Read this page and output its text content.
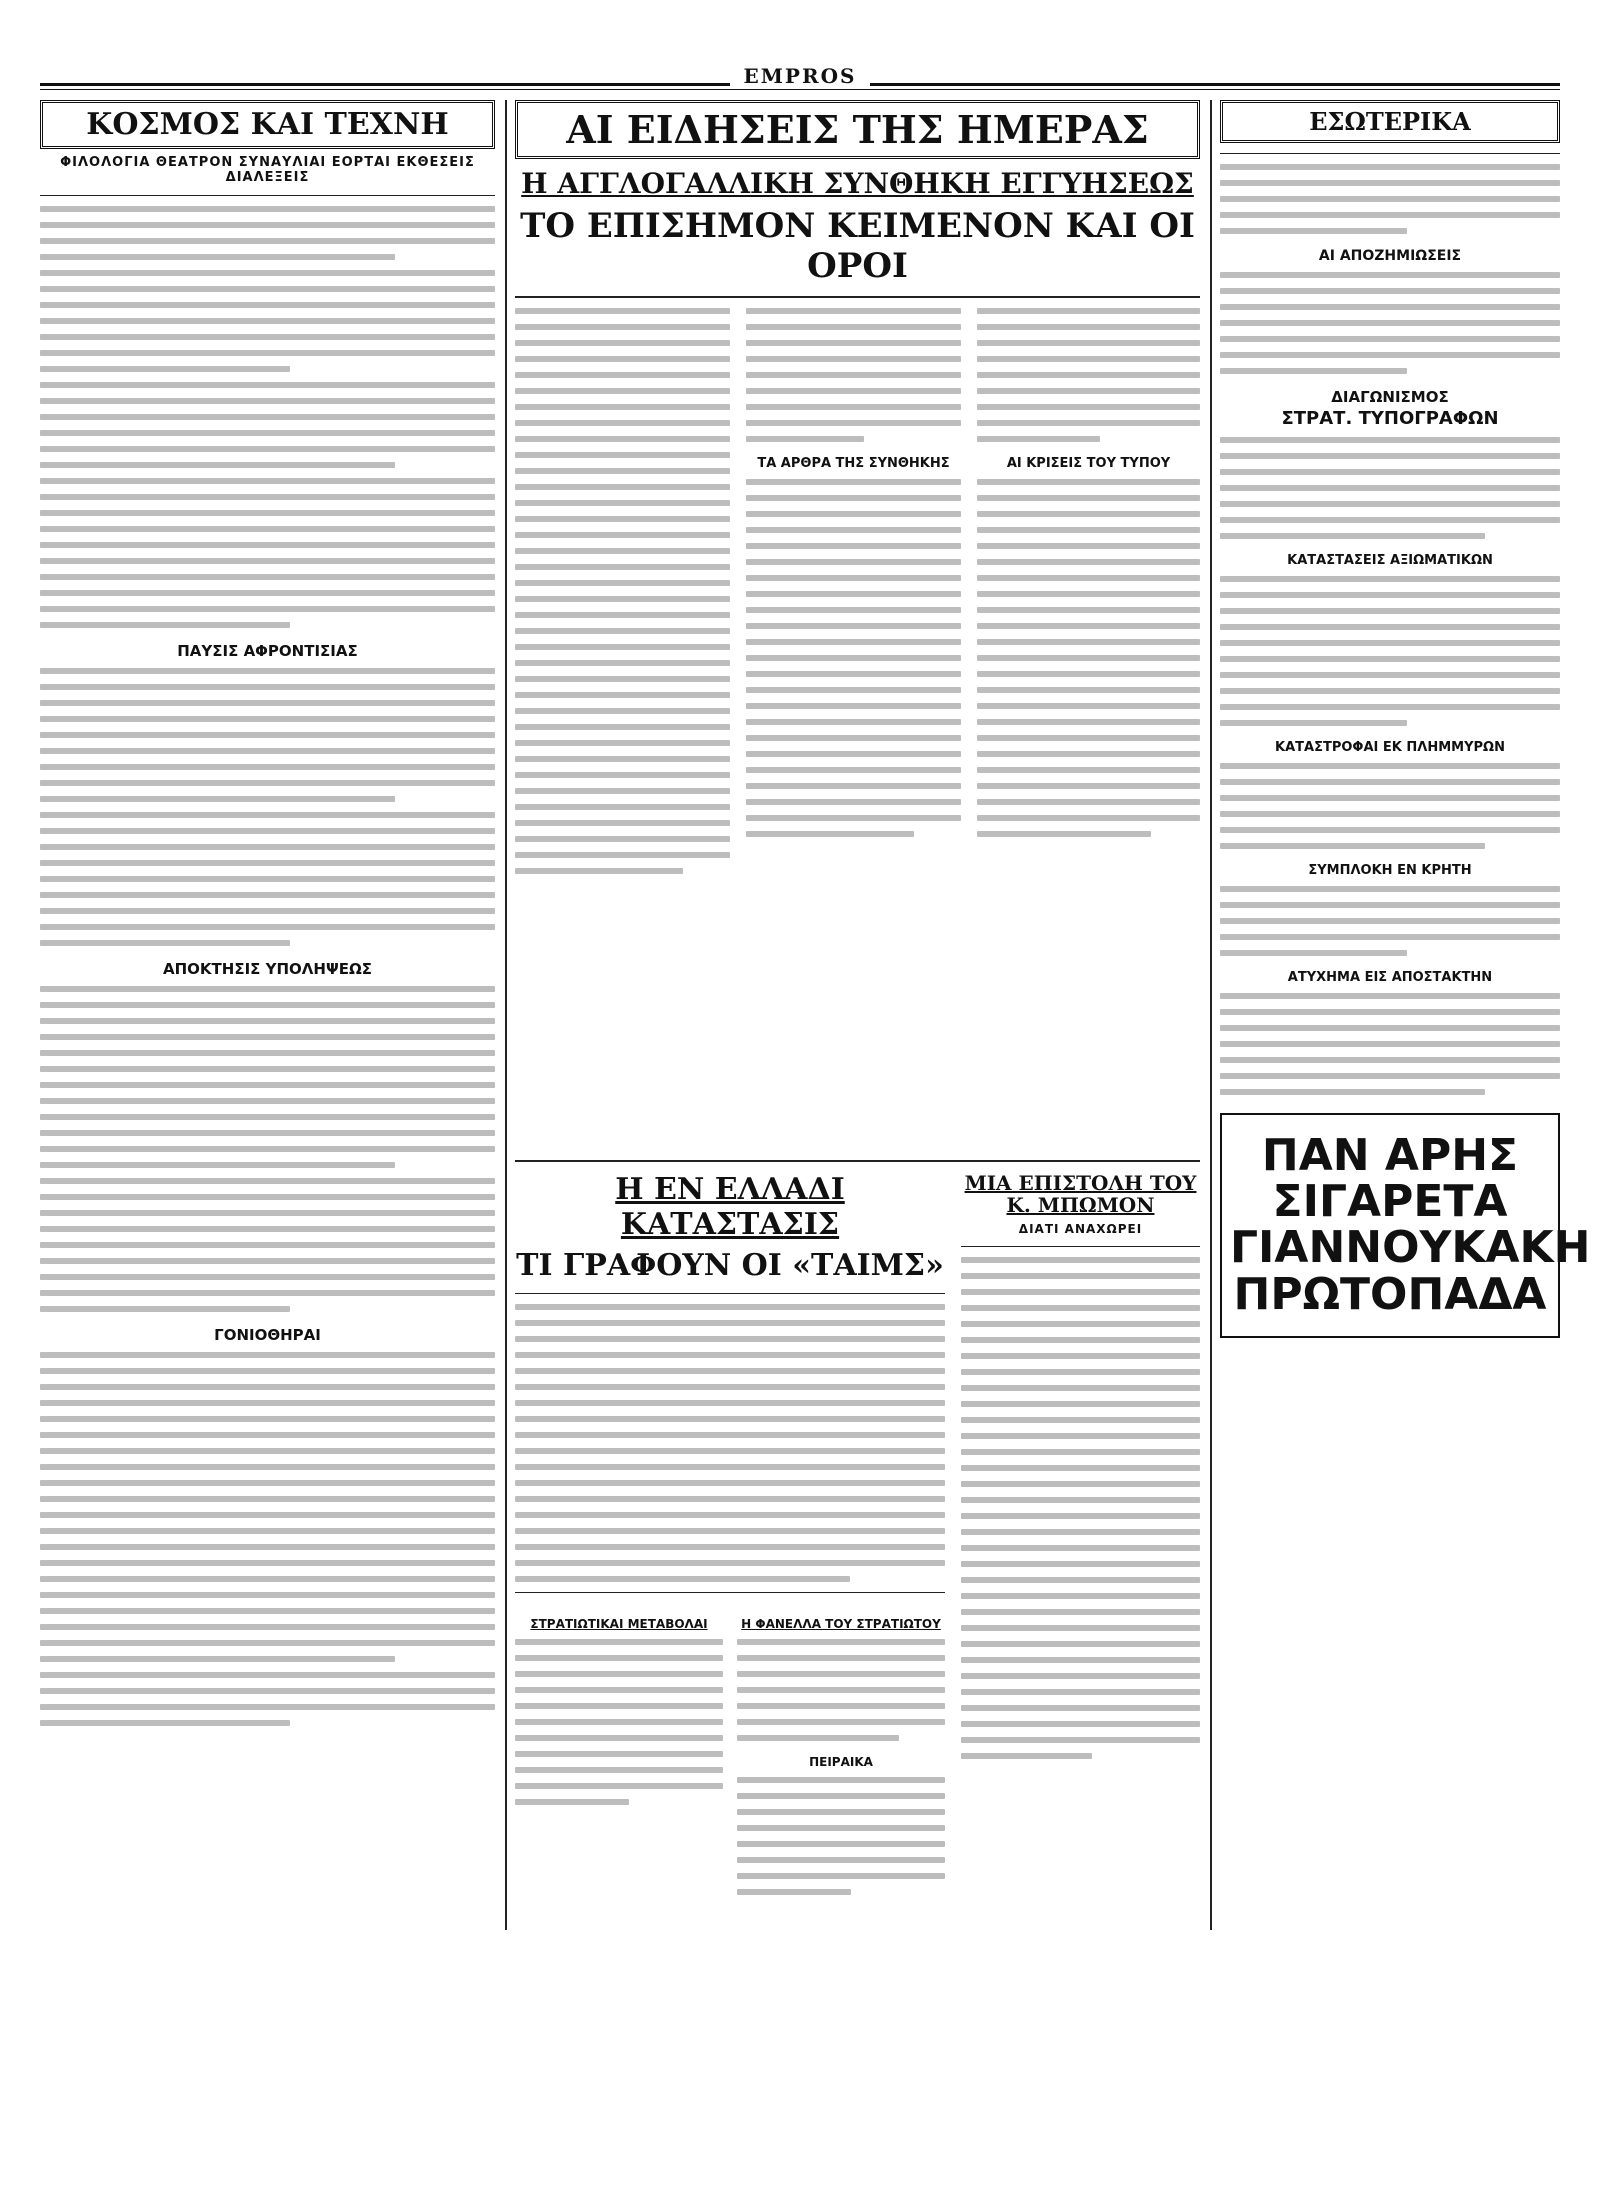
EMPROS
ΚΟΣΜΟΣ ΚΑΙ ΤΕΧΝΗ
ΦΙΛΟΛΟΓΙΑ ΘΕΑΤΡΟΝ ΣΥΝΑΥΛΙΑΙ ΕΟΡΤΑΙ ΕΚΘΕΣΕΙΣ ΔΙΑΛΕΞΕΙΣ
ΠΑΥΣΙΣ ΑΦΡΟΝΤΙΣΙΑΣ
ΑΠΟΚΤΗΣΙΣ ΥΠΟΛΗΨΕΩΣ
ΓΟΝΙΟΘΗΡΑΙ
ΑΙ ΕΙΔΗΣΕΙΣ ΤΗΣ ΗΜΕΡΑΣ
Η ΑΓΓΛΟΓΑΛΛΙΚΗ ΣΥΝΘΗΚΗ ΕΓΓΥΗΣΕΩΣ
ΤΟ ΕΠΙΣΗΜΟΝ ΚΕΙΜΕΝΟΝ ΚΑΙ ΟΙ ΟΡΟΙ
ΤΑ ΑΡΘΡΑ ΤΗΣ ΣΥΝΘΗΚΗΣ	ΑΙ ΚΡΙΣΕΙΣ ΤΟΥ ΤΥΠΟΥ
ΕΣΩΤΕΡΙΚΑ
ΑΙ ΑΠΟΖΗΜΙΩΣΕΙΣ
ΔΙΑΓΩΝΙΣΜΟΣ
ΣΤΡΑΤ. ΤΥΠΟΓΡΑΦΩΝ
ΚΑΤΑΣΤΑΣΕΙΣ ΑΞΙΩΜΑΤΙΚΩΝ
ΚΑΤΑΣΤΡΟΦΑΙ ΕΚ ΠΛΗΜΜΥΡΩΝ
ΣΥΜΠΛΟΚΗ ΕΝ ΚΡΗΤΗ
ΑΤΥΧΗΜΑ ΕΙΣ ΑΠΟΣΤΑΚΤΗΝ
ΠΑΝ ΑΡΗΣ ΣΙΓΑΡΕΤΑ ΓΙΑΝΝΟΥΚΑΚΗ ΠΡΩΤΟΠΑΔΑ
Η ΕΝ ΕΛΛΑΔΙ ΚΑΤΑΣΤΑΣΙΣ
ΤΙ ΓΡΑΦΟΥΝ ΟΙ «ΤΑΙΜΣ»
ΣΤΡΑΤΙΩΤΙΚΑΙ ΜΕΤΑΒΟΛΑΙ	Η ΦΑΝΕΛΛΑ ΤΟΥ ΣΤΡΑΤΙΩΤΟΥ
ΠΕΙΡΑΙΚΑ
ΜΙΑ ΕΠΙΣΤΟΛΗ ΤΟΥ Κ. ΜΠΩΜΟΝ
ΔΙΑΤΙ ΑΝΑΧΩΡΕΙ
